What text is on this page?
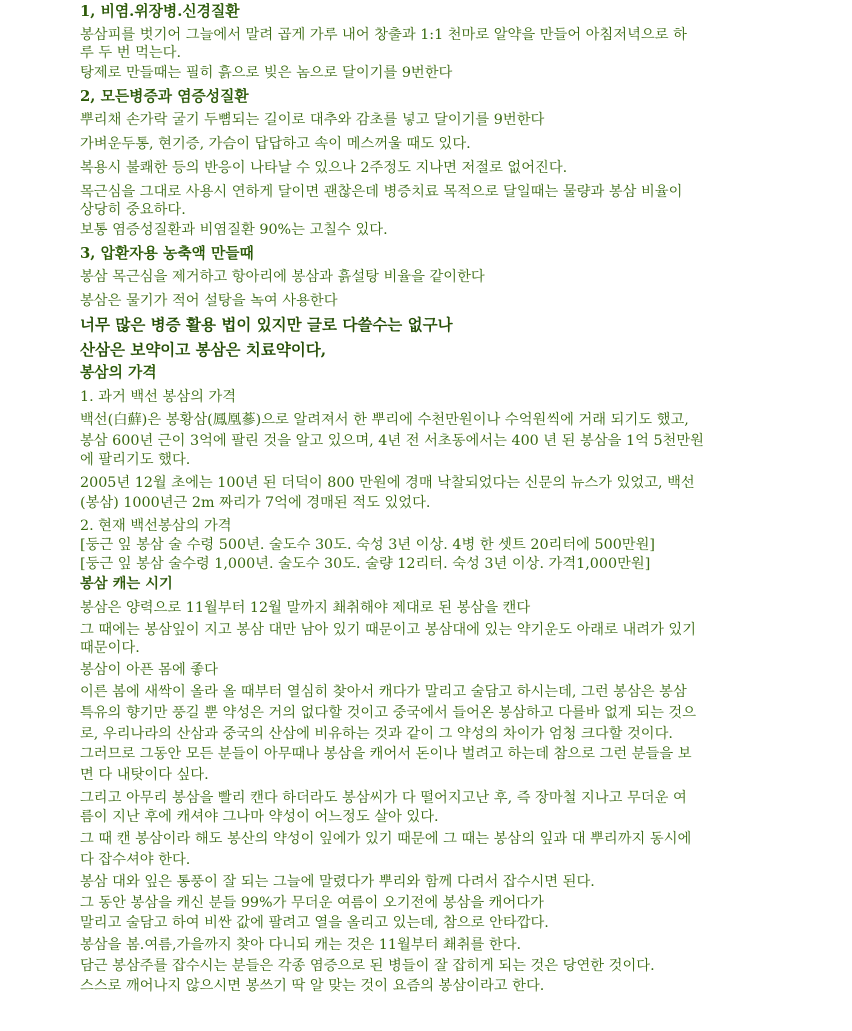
1, 비염.위장병.신경질환
봉삼피를 벗기어 그늘에서 말려 곱게 가루 내어 창출과 1:1 천마로 알약을 만들어 아침저녁으로 하
루 두 번 먹는다.
탕제로 만들때는 필히 흙으로 빚은 놈으로 달이기를 9번한다
2, 모든병증과 염증성질환
뿌리채 손가락 굴기 두뼘되는 길이로 대추와 감초를 넣고 달이기를 9번한다
가벼운두통, 현기증, 가슴이 답답하고 속이 메스꺼울 때도 있다.
복용시 불쾌한 등의 반응이 나타날 수 있으나 2주정도 지나면 저절로 없어진다.
목근심을 그대로 사용시 연하게 달이면 괜찮은데 병증치료 목적으로 달일때는 물량과 봉삼 비율이
상당히 중요하다.
보통 염증성질환과 비염질환 90%는 고칠수 있다.
3, 압환자용 농축액 만들때
봉삼 목근심을 제거하고 항아리에 봉삼과 흙설탕 비율을 같이한다
봉삼은 물기가 적어 설탕을 녹여 사용한다
너무 많은 병증 활용 법이 있지만 글로 다쓸수는 없구나
산삼은 보약이고 봉삼은 치료약이다,
봉삼의 가격
1. 과거 백선 봉삼의 가격
백선(白蘚)은 봉황삼(鳳凰蔘)으로 알려져서 한 뿌리에 수천만원이나 수억원씩에 거래 되기도 했고,
봉삼 600년 근이 3억에 팔린 것을 알고 있으며, 4년 전 서초동에서는 400 년 된 봉삼을 1억 5천만원
에 팔리기도 했다.
2005년 12월 초에는 100년 된 더덕이 800 만원에 경매 낙찰되었다는 신문의 뉴스가 있었고, 백선
(봉삼) 1000년근 2m 짜리가 7억에 경매된 적도 있었다.
2. 현재 백선봉삼의 가격
[둥근 잎 봉삼 술 수령 500년. 술도수 30도. 숙성 3년 이상. 4병 한 셋트 20리터에 500만원]
[둥근 잎 봉삼 술수령 1,000년. 술도수 30도. 술량 12리터. 숙성 3년 이상. 가격1,000만원]
봉삼 캐는 시기
봉삼은 양력으로 11월부터 12월 말까지 쵀취해야 제대로 된 봉삼을 캔다
그 때에는 봉삼잎이 지고 봉삼 대만 남아 있기 때문이고 봉삼대에 있는 약기운도 아래로 내려가 있기
때문이다.
봉삼이 아픈 몸에 좋다
이른 봄에 새싹이 올라 올 때부터 열심히 찾아서 캐다가 말리고 술담고 하시는데, 그런 봉삼은 봉삼
특유의 향기만 풍길 뿐 약성은 거의 없다할 것이고 중국에서 들어온 봉삼하고 다를바 없게 되는 것으
로, 우리나라의 산삼과 중국의 산삼에 비유하는 것과 같이 그 약성의 차이가 엄청 크다할 것이다.
그러므로 그동안 모든 분들이 아무때나 봉삼을 캐어서 돈이나 벌려고 하는데 참으로 그런 분들을 보
면 다 내탓이다 싶다.
그리고 아무리 봉삼을 빨리 캔다 하더라도 봉삼씨가 다 떨어지고난 후, 즉 장마철 지나고 무더운 여
름이 지난 후에 캐셔야 그나마 약성이 어느정도 살아 있다.
그 때 캔 봉삼이라 해도 봉산의 약성이 잎에가 있기 때문에 그 때는 봉삼의 잎과 대 뿌리까지 동시에
다 잡수셔야 한다.
봉삼 대와 잎은 통풍이 잘 되는 그늘에 말렸다가 뿌리와 함께 다려서 잡수시면 된다.
그 동안 봉삼을 캐신 분들 99%가 무더운 여름이 오기전에 봉삼을 캐어다가
말리고 술담고 하여 비싼 값에 팔려고 열을 올리고 있는데, 참으로 안타깝다.
봉삼을 봄.여름,가을까지 찾아 다니되 캐는 것은 11월부터 쵀취를 한다.
담근 봉삼주를 잡수시는 분들은 각종 염증으로 된 병들이 잘 잡히게 되는 것은 당연한 것이다.
스스로 깨어나지 않으시면 봉쓰기 딱 알 맞는 것이 요즘의 봉삼이라고 한다.
